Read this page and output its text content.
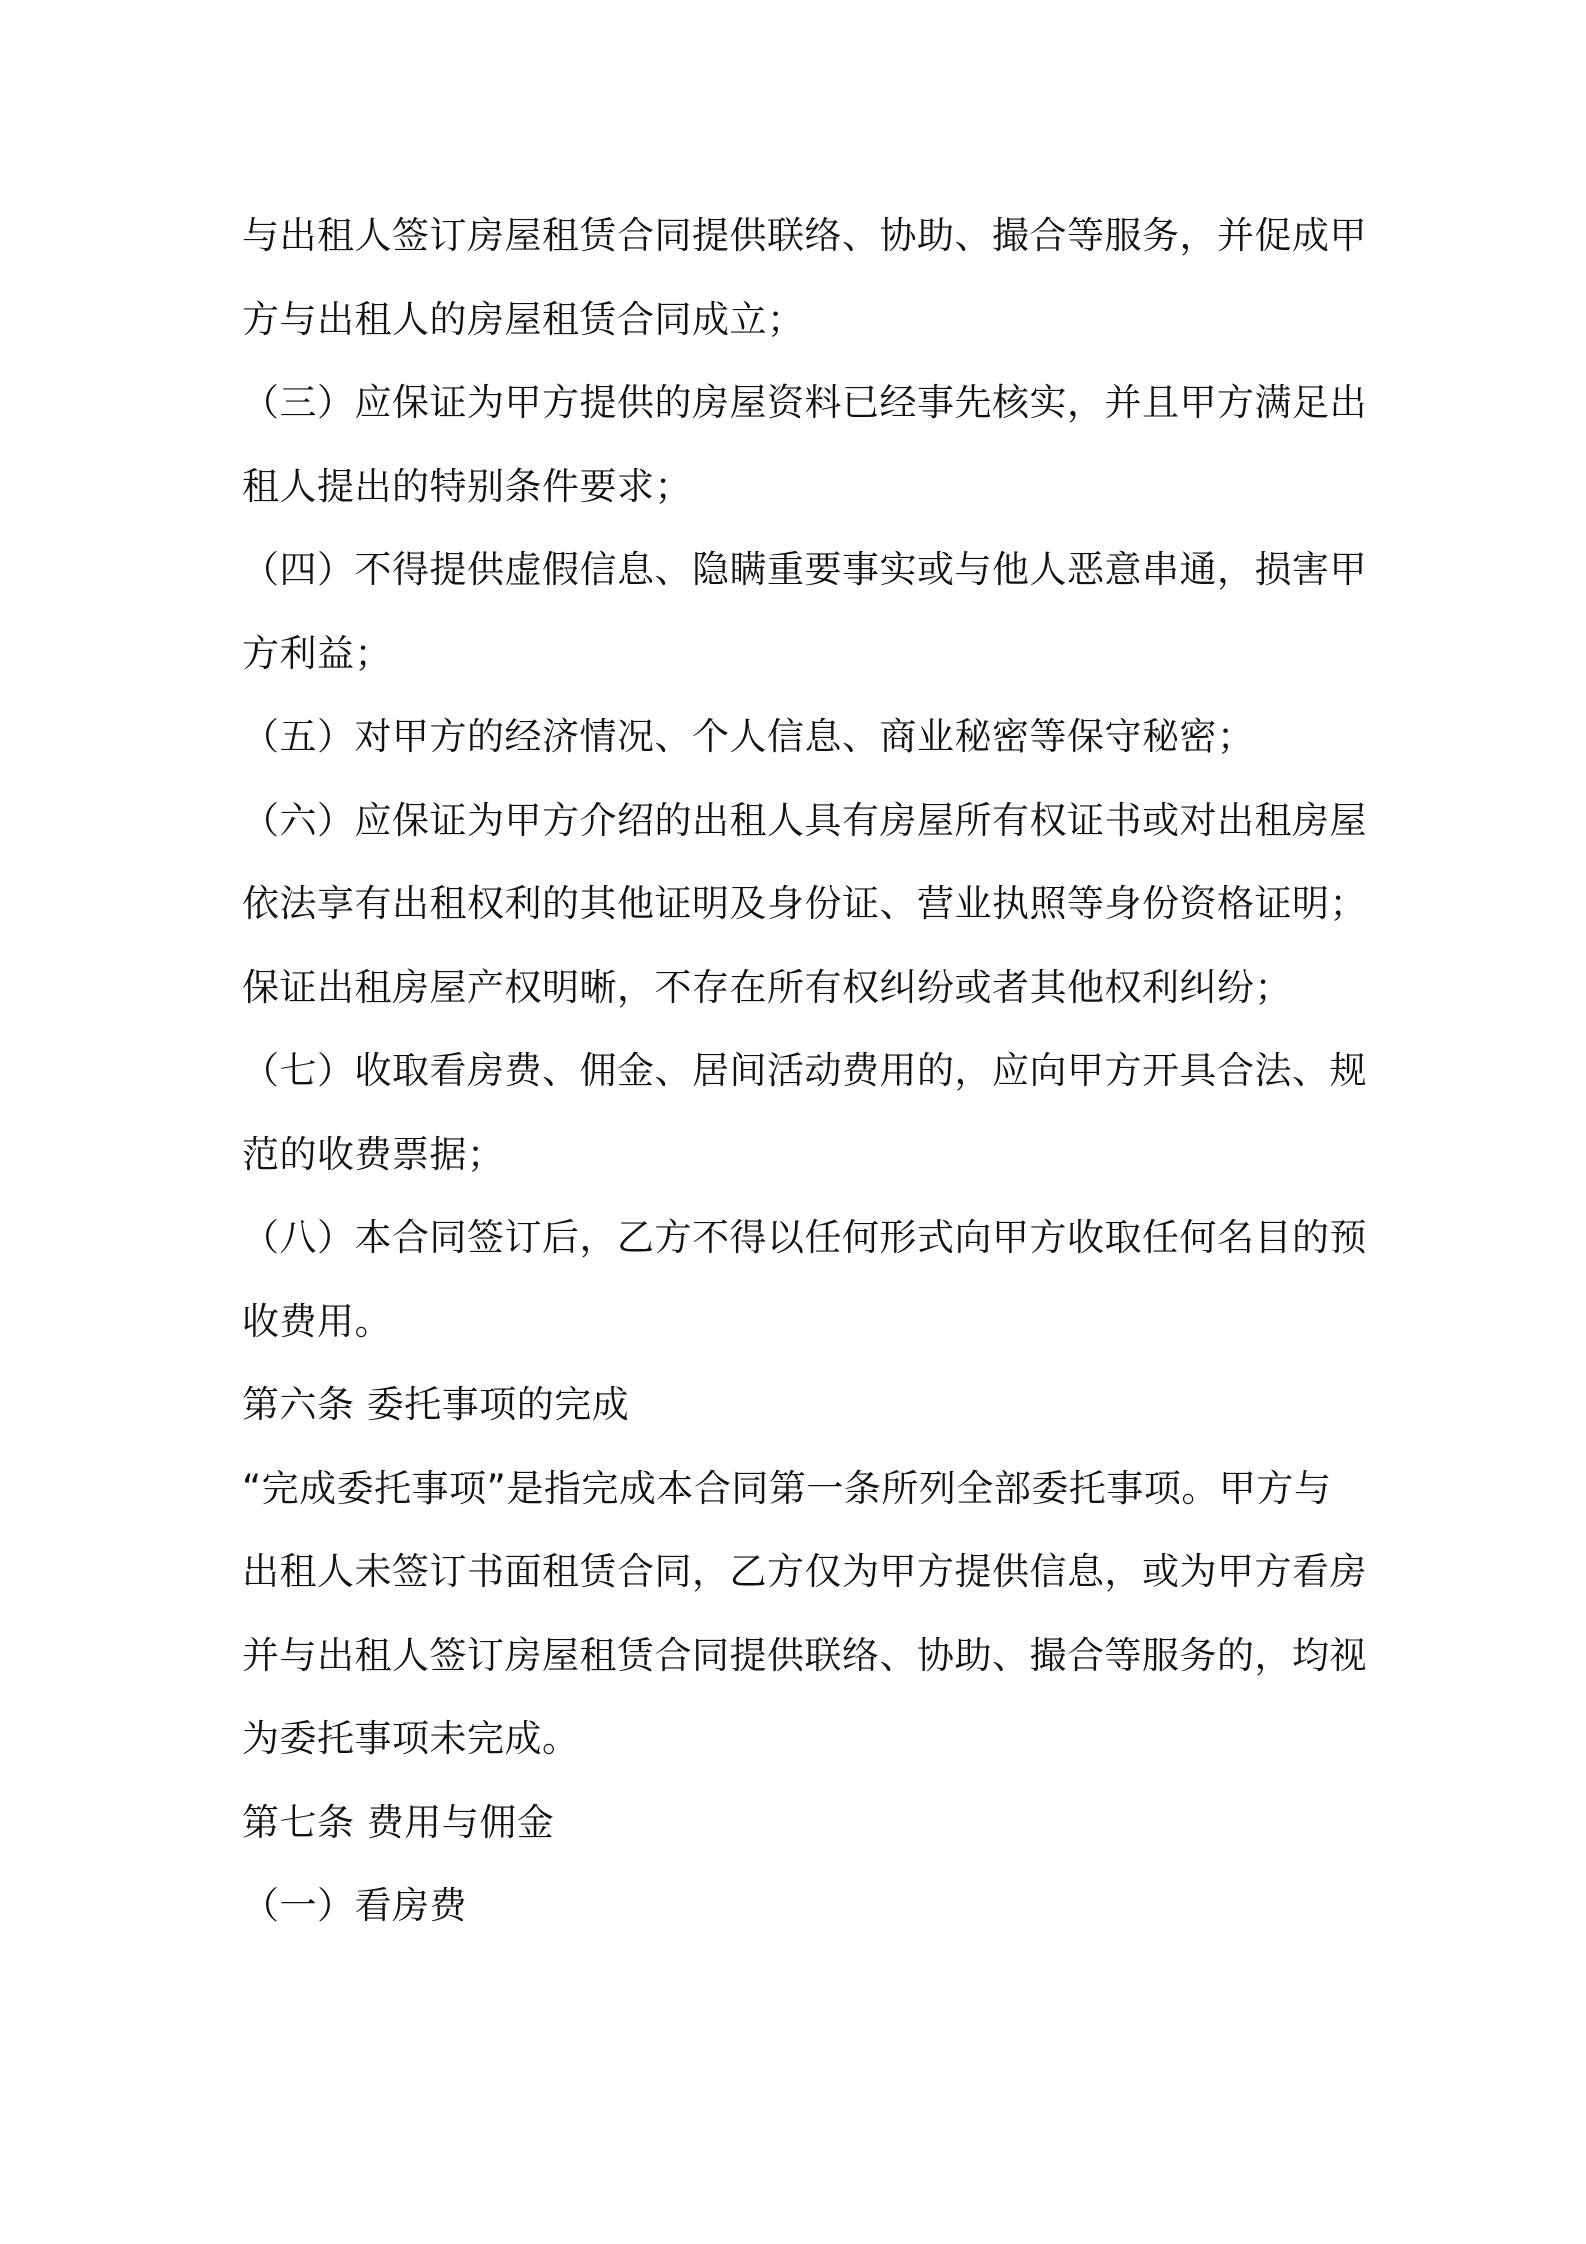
与出租人签订房屋租赁合同提供联络、协助、撮合等服务，并促成甲
方与出租人的房屋租赁合同成立；
（三）应保证为甲方提供的房屋资料已经事先核实，并且甲方满足出
租人提出的特别条件要求；
（四）不得提供虚假信息、隐瞒重要事实或与他人恶意串通，损害甲
方利益；
（五）对甲方的经济情况、个人信息、商业秘密等保守秘密；
（六）应保证为甲方介绍的出租人具有房屋所有权证书或对出租房屋
依法享有出租权利的其他证明及身份证、营业执照等身份资格证明；
保证出租房屋产权明晰，不存在所有权纠纷或者其他权利纠纷；
（七）收取看房费、佣金、居间活动费用的，应向甲方开具合法、规
范的收费票据；
（八）本合同签订后，乙方不得以任何形式向甲方收取任何名目的预
收费用。
第六条 委托事项的完成
“完成委托事项”是指完成本合同第一条所列全部委托事项。甲方与
出租人未签订书面租赁合同，乙方仅为甲方提供信息，或为甲方看房
并与出租人签订房屋租赁合同提供联络、协助、撮合等服务的，均视
为委托事项未完成。
第七条 费用与佣金
（一）看房费
